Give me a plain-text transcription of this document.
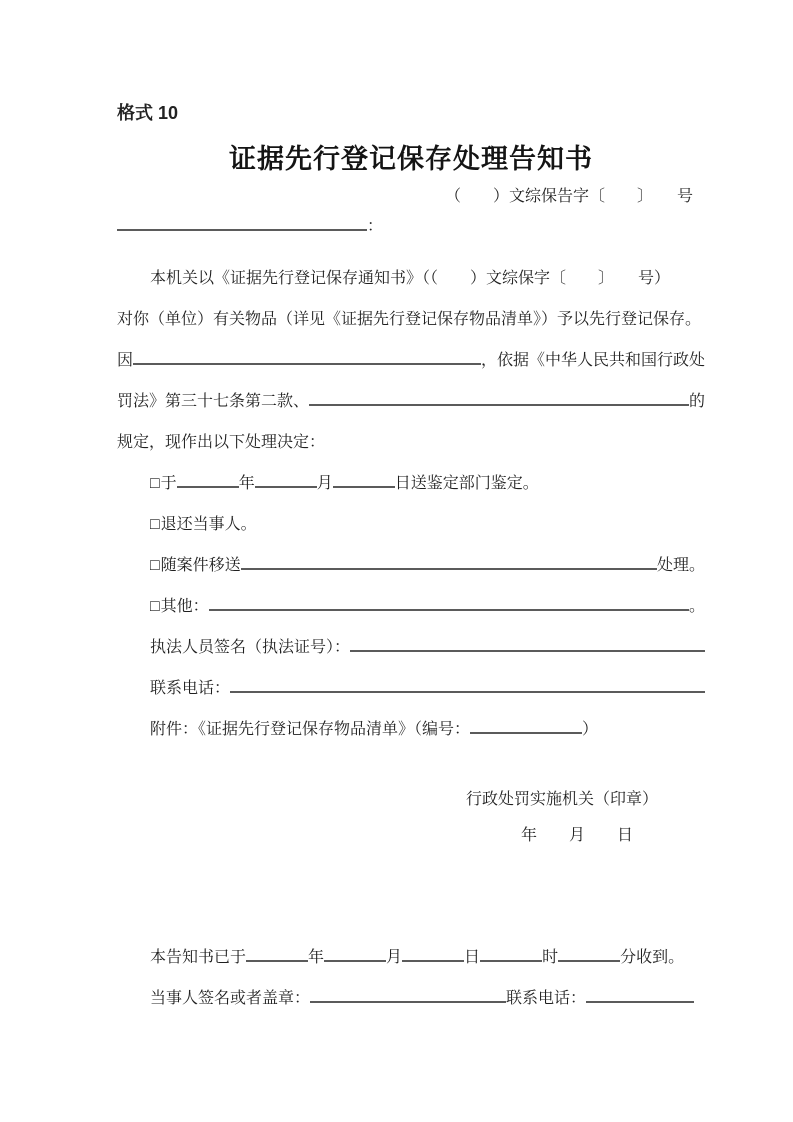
格式 10
证据先行登记保存处理告知书
（　　）文综保告字〔　　〕　　号
：
本机关以《证据先行登记保存通知书》（（　　）文综保字〔　　〕　　号）
对你（单位）有关物品（详见《证据先行登记保存物品清单》）予以先行登记保存。
因	，依据《中华人民共和国行政处
罚法》第三十七条第二款、	的
规定，现作出以下处理决定：
□于	年	月	日送鉴定部门鉴定。
□退还当事人。
□ 随案件移送	处理。
□ 其他：	。
执法人员签名（执法证号）：
联系电话：
附件：《证据先行登记保存物品清单》（编号：	）
行政处罚实施机关（印章）
年　　月　　日
本告知书已于	年	月	日	时	分收到。
当事人签名或者盖章：	联系电话：
